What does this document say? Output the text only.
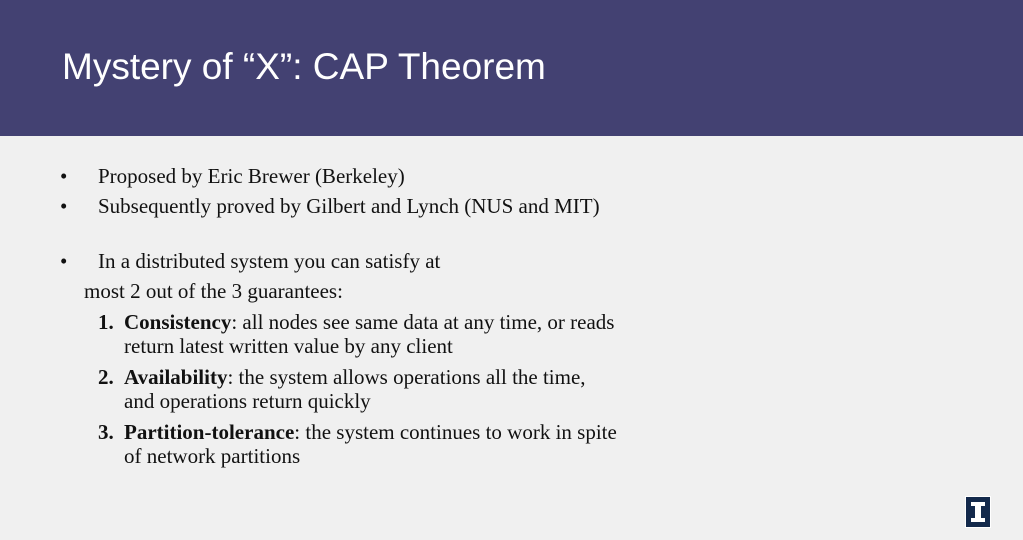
Mystery of “X”: CAP Theorem

• Proposed by Eric Brewer (Berkeley)

• Subsequently proved by Gilbert and Lynch (NUS and MIT)

• In a distributed system you can satisfy at

most 2 out of the 3 guarantees:
1. Consistency: all nodes see same data at any time, or reads return latest written value by any client
2. Availability: the system allows operations all the time, and operations return quickly
3. Partition-tolerance: the system continues to work in spite of network partitions
